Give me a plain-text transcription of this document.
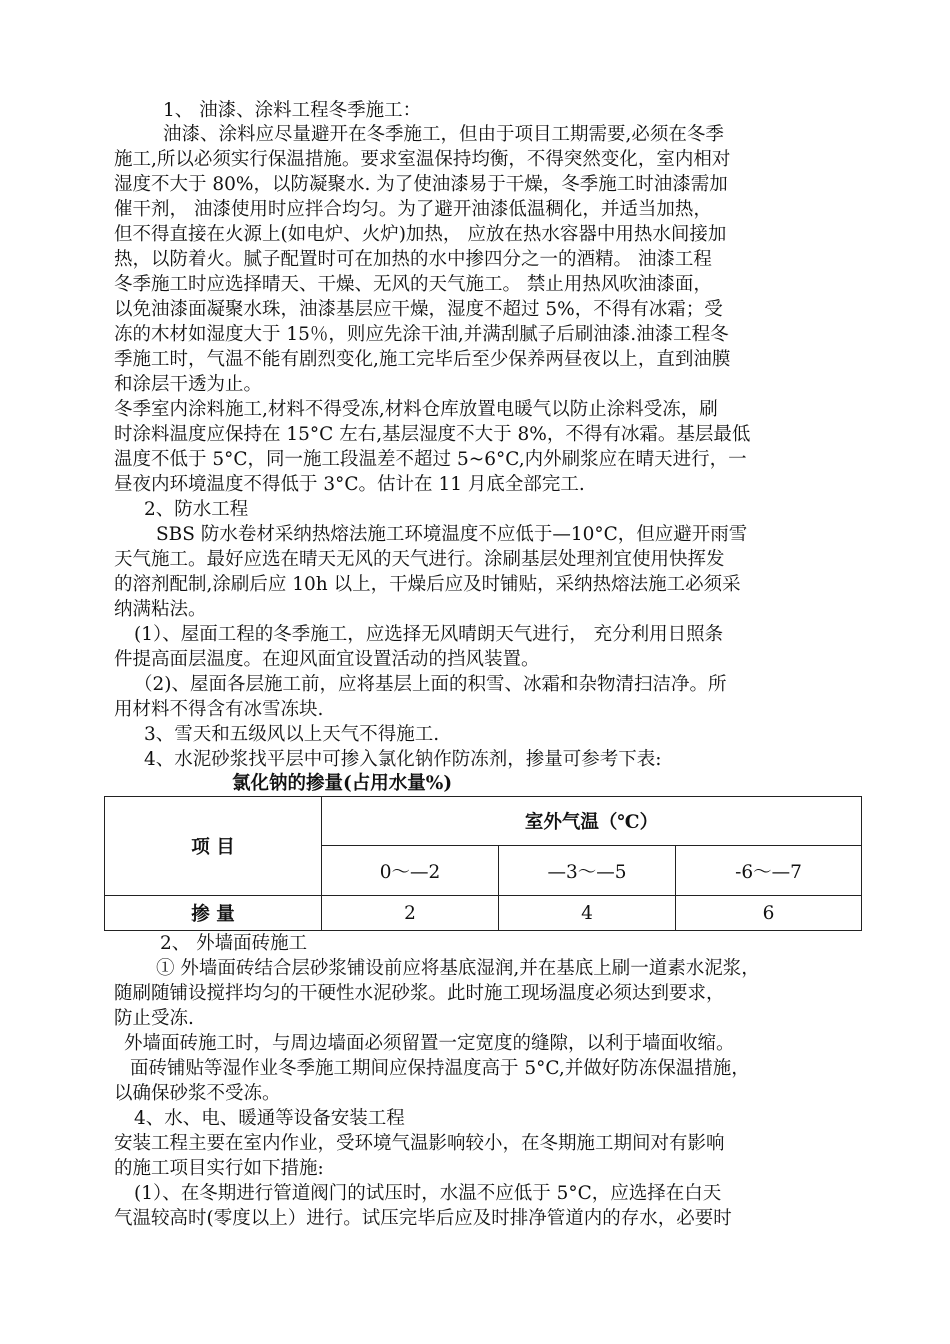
1、 油漆、涂料工程冬季施工：
油漆、涂料应尽量避开在冬季施工，但由于项目工期需要,必须在冬季
施工,所以必须实行保温措施。要求室温保持均衡，不得突然变化，室内相对
湿度不大于 80%，以防凝聚水. 为了使油漆易于干燥，冬季施工时油漆需加
催干剂， 油漆使用时应拌合均匀。为了避开油漆低温稠化，并适当加热，
但不得直接在火源上(如电炉、火炉)加热， 应放在热水容器中用热水间接加
热，以防着火。腻子配置时可在加热的水中掺四分之一的酒精。 油漆工程
冬季施工时应选择晴天、干燥、无风的天气施工。 禁止用热风吹油漆面，
以免油漆面凝聚水珠，油漆基层应干燥，湿度不超过 5%，不得有冰霜；受
冻的木材如湿度大于 15％，则应先涂干油,并满刮腻子后刷油漆.油漆工程冬
季施工时，气温不能有剧烈变化,施工完毕后至少保养两昼夜以上，直到油膜
和涂层干透为止。
冬季室内涂料施工,材料不得受冻,材料仓库放置电暖气以防止涂料受冻，刷
时涂料温度应保持在 15°C 左右,基层湿度不大于 8%，不得有冰霜。基层最低
温度不低于 5°C，同一施工段温差不超过 5~6°C,内外刷浆应在晴天进行，一
昼夜内环境温度不得低于 3°C。估计在 11 月底全部完工.
2、防水工程
SBS 防水卷材采纳热熔法施工环境温度不应低于—10°C，但应避开雨雪
天气施工。最好应选在晴天无风的天气进行。涂刷基层处理剂宜使用快挥发
的溶剂配制,涂刷后应 10h 以上，干燥后应及时铺贴，采纳热熔法施工必须采
纳满粘法。
(1）、屋面工程的冬季施工，应选择无风晴朗天气进行， 充分利用日照条
件提高面层温度。在迎风面宜设置活动的挡风装置。
（2)、屋面各层施工前，应将基层上面的积雪、冰霜和杂物清扫洁净。所
用材料不得含有冰雪冻块.
3、雪天和五级风以上天气不得施工.
4、水泥砂浆找平层中可掺入氯化钠作防冻剂，掺量可参考下表:
氯化钠的掺量(占用水量%)
项 目	室外气温（℃）		
	0～—2	—3～—5	-6～—7
掺 量	2	4	6
2、 外墙面砖施工
① 外墙面砖结合层砂浆铺设前应将基底湿润,并在基底上刷一道素水泥浆，
随刷随铺设搅拌均匀的干硬性水泥砂浆。此时施工现场温度必须达到要求，
防止受冻.
外墙面砖施工时，与周边墙面必须留置一定宽度的缝隙，以利于墙面收缩。
面砖铺贴等湿作业冬季施工期间应保持温度高于 5°C,并做好防冻保温措施，
以确保砂浆不受冻。
4、水、电、暖通等设备安装工程
安装工程主要在室内作业，受环境气温影响较小，在冬期施工期间对有影响
的施工项目实行如下措施:
(1）、在冬期进行管道阀门的试压时，水温不应低于 5°C，应选择在白天
气温较高时(零度以上）进行。试压完毕后应及时排净管道内的存水，必要时
